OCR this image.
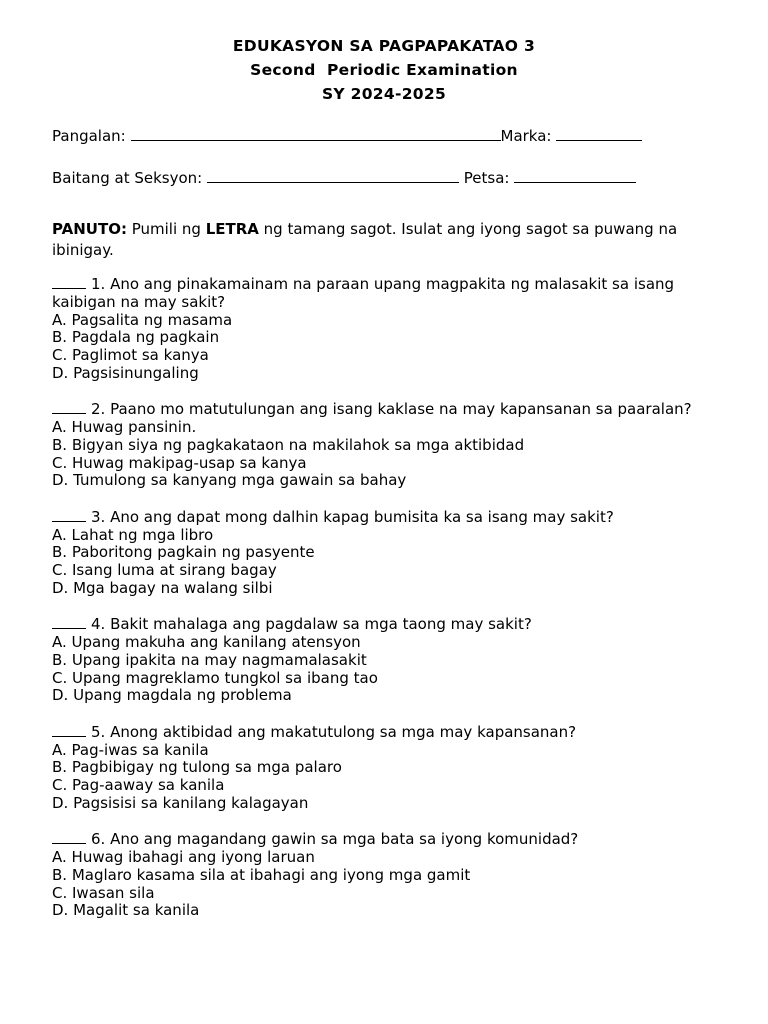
EDUKASYON SA PAGPAPAKATAO 3
Second  Periodic Examination
SY 2024-2025
Pangalan:	Marka:
Baitang at Seksyon:	Petsa:
PANUTO: Pumili ng LETRA ng tamang sagot. Isulat ang iyong sagot sa puwang na ibinigay.
1. Ano ang pinakamainam na paraan upang magpakita ng malasakit sa isang kaibigan na may sakit?
A. Pagsalita ng masama
B. Pagdala ng pagkain
C. Paglimot sa kanya
D. Pagsisinungaling
2. Paano mo matutulungan ang isang kaklase na may kapansanan sa paaralan?
A. Huwag pansinin.
B. Bigyan siya ng pagkakataon na makilahok sa mga aktibidad
C. Huwag makipag-usap sa kanya
D. Tumulong sa kanyang mga gawain sa bahay
3. Ano ang dapat mong dalhin kapag bumisita ka sa isang may sakit?
A. Lahat ng mga libro
B. Paboritong pagkain ng pasyente
C. Isang luma at sirang bagay
D. Mga bagay na walang silbi
4. Bakit mahalaga ang pagdalaw sa mga taong may sakit?
A. Upang makuha ang kanilang atensyon
B. Upang ipakita na may nagmamalasakit
C. Upang magreklamo tungkol sa ibang tao
D. Upang magdala ng problema
5. Anong aktibidad ang makatutulong sa mga may kapansanan?
A. Pag-iwas sa kanila
B. Pagbibigay ng tulong sa mga palaro
C. Pag-aaway sa kanila
D. Pagsisisi sa kanilang kalagayan
6. Ano ang magandang gawin sa mga bata sa iyong komunidad?
A. Huwag ibahagi ang iyong laruan
B. Maglaro kasama sila at ibahagi ang iyong mga gamit
C. Iwasan sila
D. Magalit sa kanila
